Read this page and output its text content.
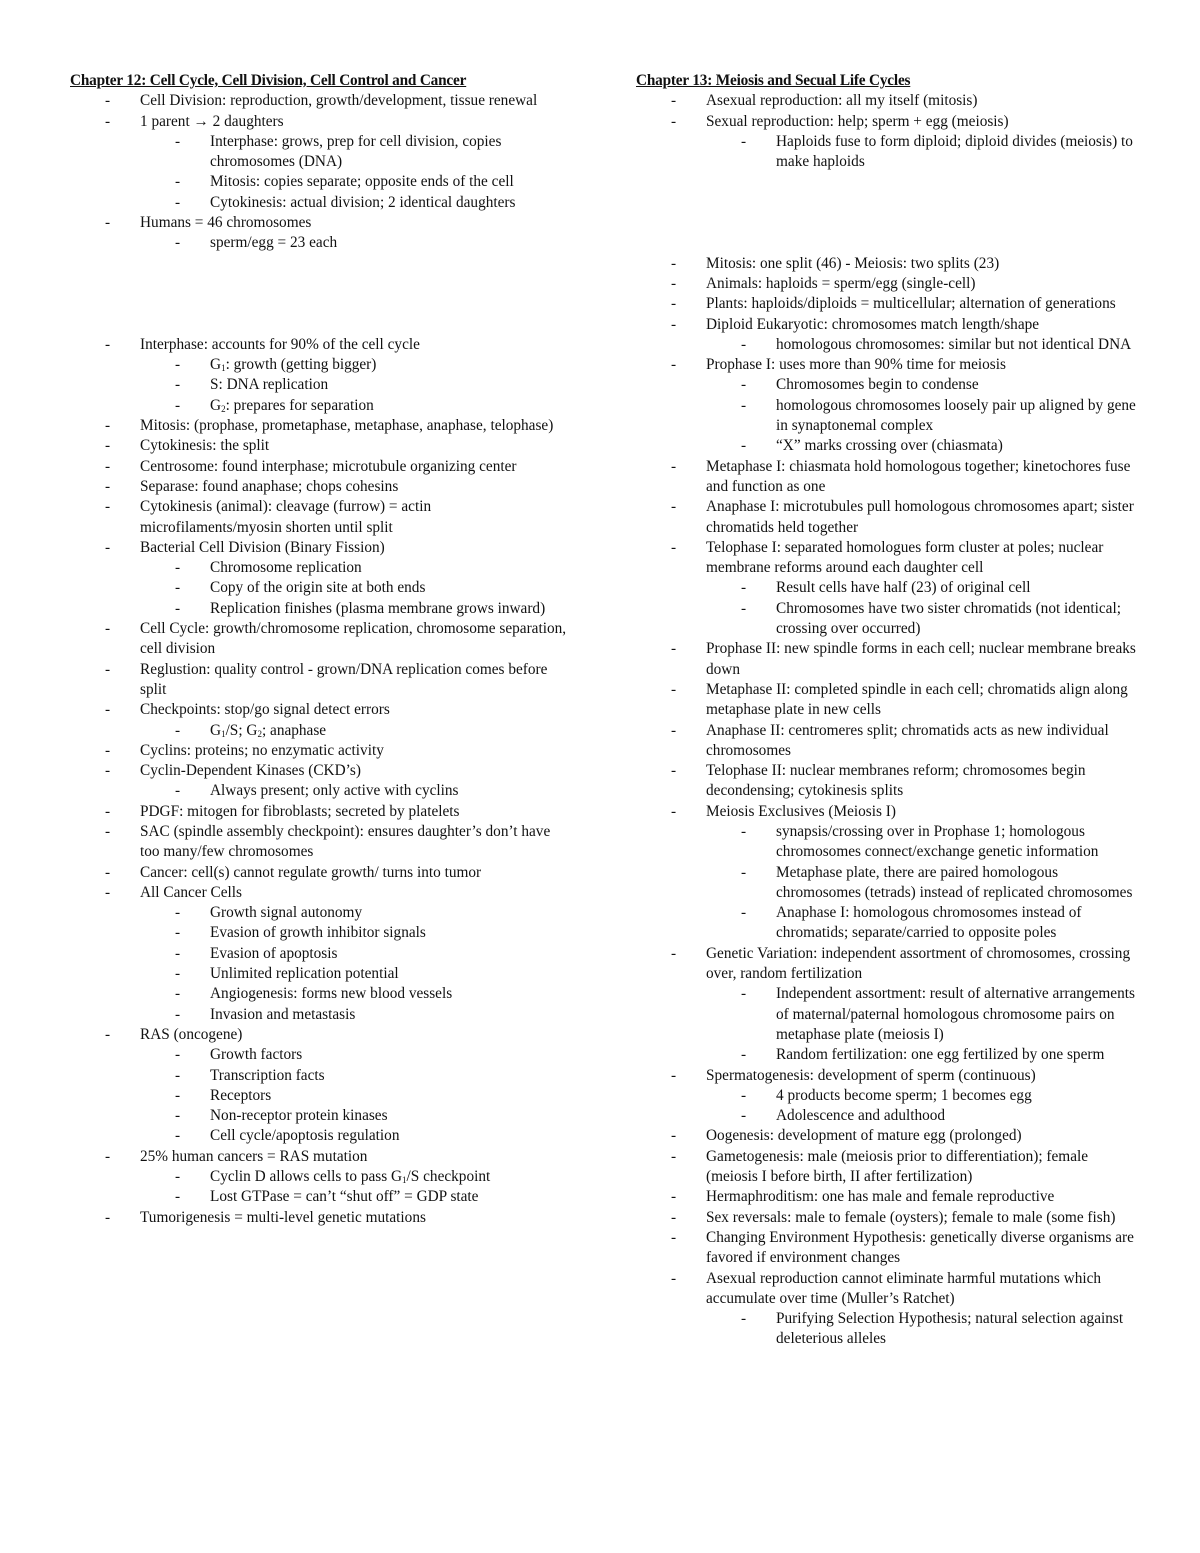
Chapter 12: Cell Cycle, Cell Division, Cell Control and Cancer
- Cell Division: reproduction, growth/development, tissue renewal
- 1 parent → 2 daughters
- Interphase: grows, prep for cell division, copies chromosomes (DNA)
- Mitosis: copies separate; opposite ends of the cell
- Cytokinesis: actual division; 2 identical daughters
- Humans = 46 chromosomes
- sperm/egg = 23 each
- Interphase: accounts for 90% of the cell cycle
- $G_1$: growth (getting bigger)
- S: DNA replication
- $G_2$: prepares for separation
- Mitosis: (prophase, prometaphase, metaphase, anaphase, telophase)
- Cytokinesis: the split
- Centrosome: found interphase; microtubule organizing center
- Separase: found anaphase; chops cohesins
- Cytokinesis (animal): cleavage (furrow) = actin microfilaments/myosin shorten until split
- Bacterial Cell Division (Binary Fission)
- Chromosome replication
- Copy of the origin site at both ends
- Replication finishes (plasma membrane grows inward)
- Cell Cycle: growth/chromosome replication, chromosome separation, cell division
- Reglustion: quality control - grown/DNA replication comes before split
- Checkpoints: stop/go signal detect errors
- $G_1/S$; $G_2$; anaphase
- Cyclins: proteins; no enzymatic activity
- Cyclin-Dependent Kinases (CKD’s)
- Always present; only active with cyclins
- PDGF: mitogen for fibroblasts; secreted by platelets
- SAC (spindle assembly checkpoint): ensures daughter’s don’t have too many/few chromosomes
- Cancer: cell(s) cannot regulate growth/ turns into tumor
- All Cancer Cells
- Growth signal autonomy
- Evasion of growth inhibitor signals
- Evasion of apoptosis
- Unlimited replication potential
- Angiogenesis: forms new blood vessels
- Invasion and metastasis
- RAS (oncogene)
- Growth factors
- Transcription facts
- Receptors
- Non-receptor protein kinases
- Cell cycle/apoptosis regulation
- 25% human cancers = RAS mutation
- Cyclin D allows cells to pass $G_1/S$ checkpoint
- Lost GTPase = can’t “shut off” = GDP state
- Tumorigenesis = multi-level genetic mutations
Chapter 13: Meiosis and Secual Life Cycles
- Asexual reproduction: all my itself (mitosis)
- Sexual reproduction: help; sperm + egg (meiosis)
- Haploids fuse to form diploid; diploid divides (meiosis) to make haploids
- Mitosis: one split (46) - Meiosis: two splits (23)
- Animals: haploids = sperm/egg (single-cell)
- Plants: haploids/diploids = multicellular; alternation of generations
- Diploid Eukaryotic: chromosomes match length/shape
- homologous chromosomes: similar but not identical DNA
- Prophase I: uses more than 90% time for meiosis
- Chromosomes begin to condense
- homologous chromosomes loosely pair up aligned by gene in synaptonemal complex
- “X” marks crossing over (chiasmata)
- Metaphase I: chiasmata hold homologous together; kinetochores fuse and function as one
- Anaphase I: microtubules pull homologous chromosomes apart; sister chromatids held together
- Telophase I: separated homologues form cluster at poles; nuclear membrane reforms around each daughter cell
- Result cells have half (23) of original cell
- Chromosomes have two sister chromatids (not identical; crossing over occurred)
- Prophase II: new spindle forms in each cell; nuclear membrane breaks down
- Metaphase II: completed spindle in each cell; chromatids align along metaphase plate in new cells
- Anaphase II: centromeres split; chromatids acts as new individual chromosomes
- Telophase II: nuclear membranes reform; chromosomes begin decondensing; cytokinesis splits
- Meiosis Exclusives (Meiosis I)
- synapsis/crossing over in Prophase 1; homologous chromosomes connect/exchange genetic information
- Metaphase plate, there are paired homologous chromosomes (tetrads) instead of replicated chromosomes
- Anaphase I: homologous chromosomes instead of chromatids; separate/carried to opposite poles
- Genetic Variation: independent assortment of chromosomes, crossing over, random fertilization
- Independent assortment: result of alternative arrangements of maternal/paternal homologous chromosome pairs on metaphase plate (meiosis I)
- Random fertilization: one egg fertilized by one sperm
- Spermatogenesis: development of sperm (continuous)
- 4 products become sperm; 1 becomes egg
- Adolescence and adulthood
- Oogenesis: development of mature egg (prolonged)
- Gametogenesis: male (meiosis prior to differentiation); female (meiosis I before birth, II after fertilization)
- Hermaphroditism: one has male and female reproductive
- Sex reversals: male to female (oysters); female to male (some fish)
- Changing Environment Hypothesis: genetically diverse organisms are favored if environment changes
- Asexual reproduction cannot eliminate harmful mutations which accumulate over time (Muller’s Ratchet)
- Purifying Selection Hypothesis; natural selection against deleterious alleles
